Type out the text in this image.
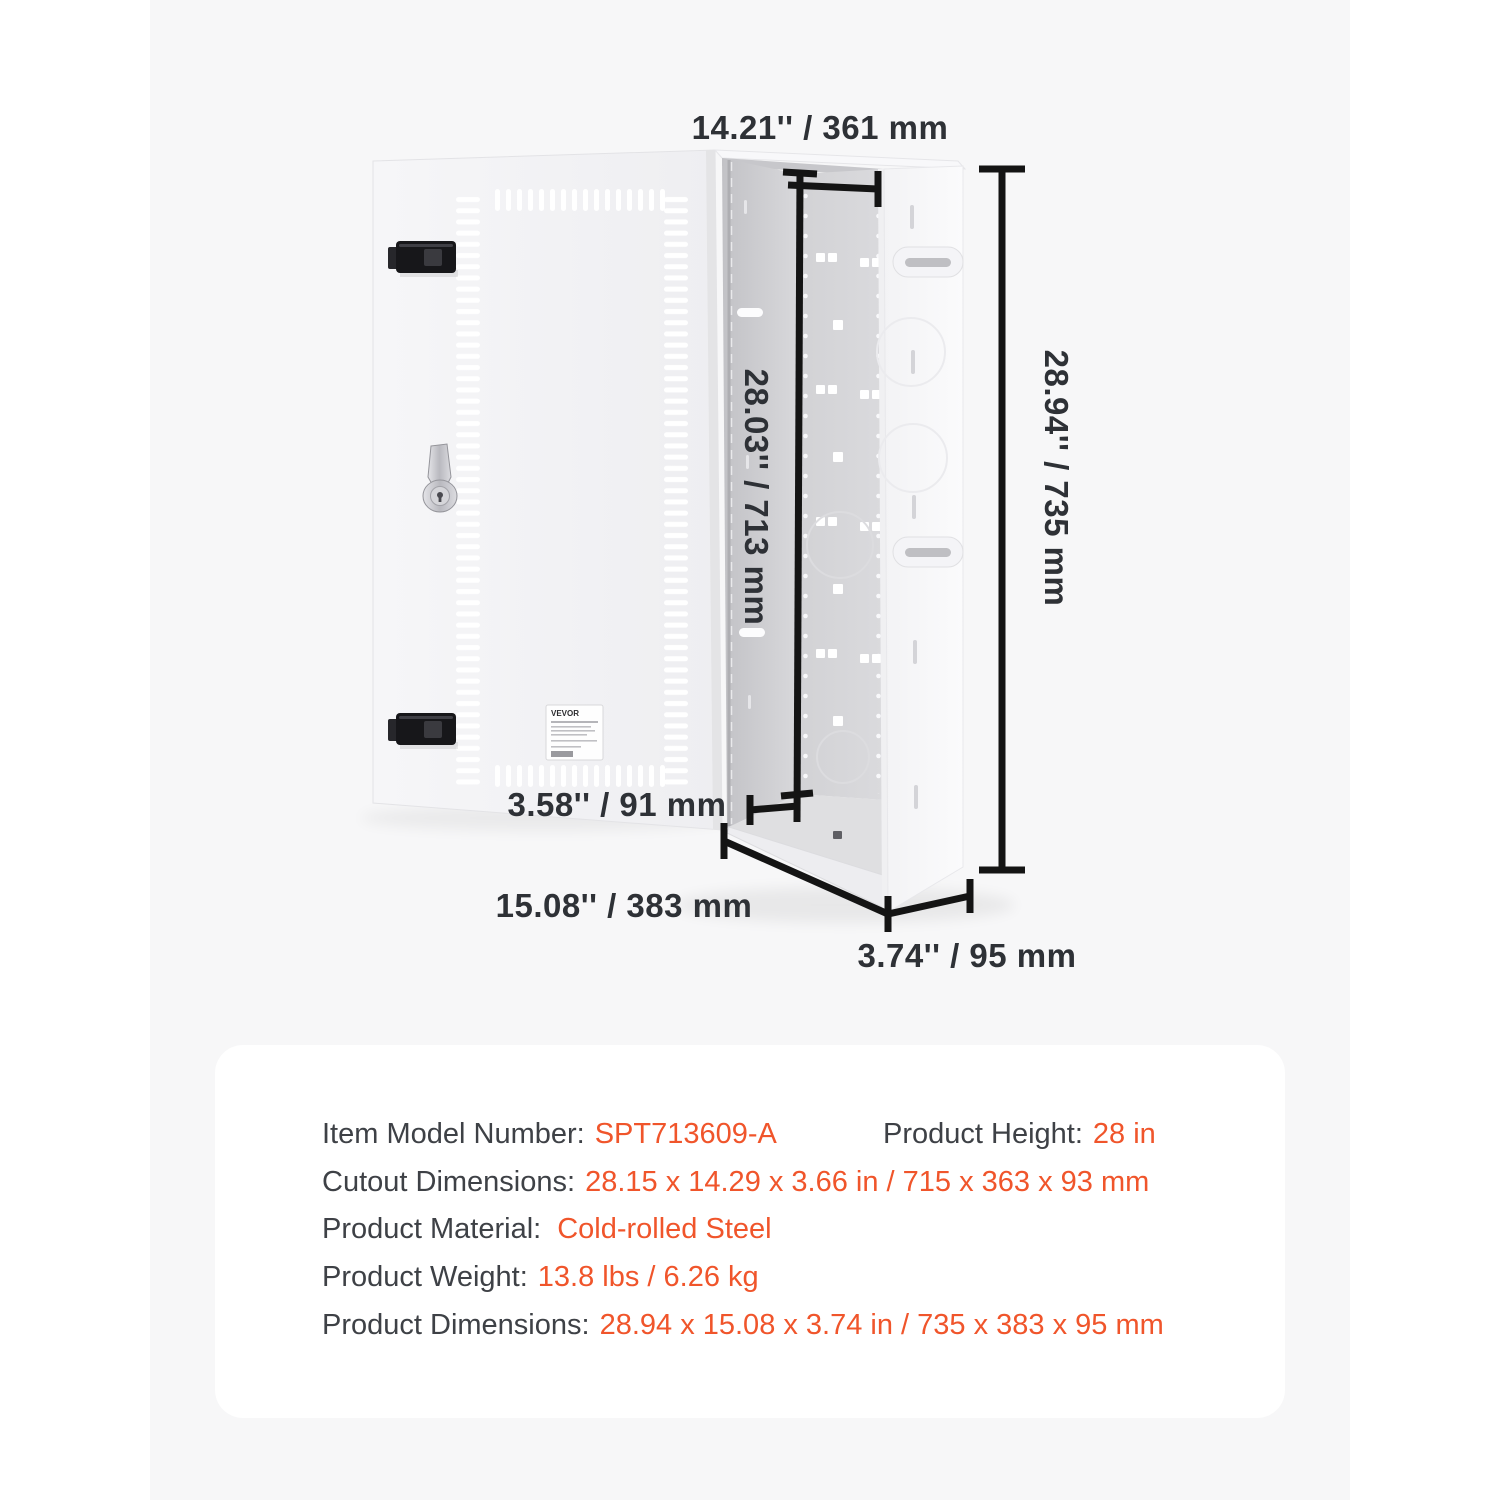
VEVOR
14.21'' / 361 mm
28.03'' / 713 mm	28.94'' / 735 mm
3.58'' / 91 mm
15.08'' / 383 mm
3.74'' / 95 mm
Item Model Number: SPT713609-A	Product Height: 28 in
Cutout Dimensions: 28.15 x 14.29 x 3.66 in / 715 x 363 x 93 mm
Product Material: Cold-rolled Steel
Product Weight: 13.8 lbs / 6.26 kg
Product Dimensions: 28.94 x 15.08 x 3.74 in / 735 x 383 x 95 mm
